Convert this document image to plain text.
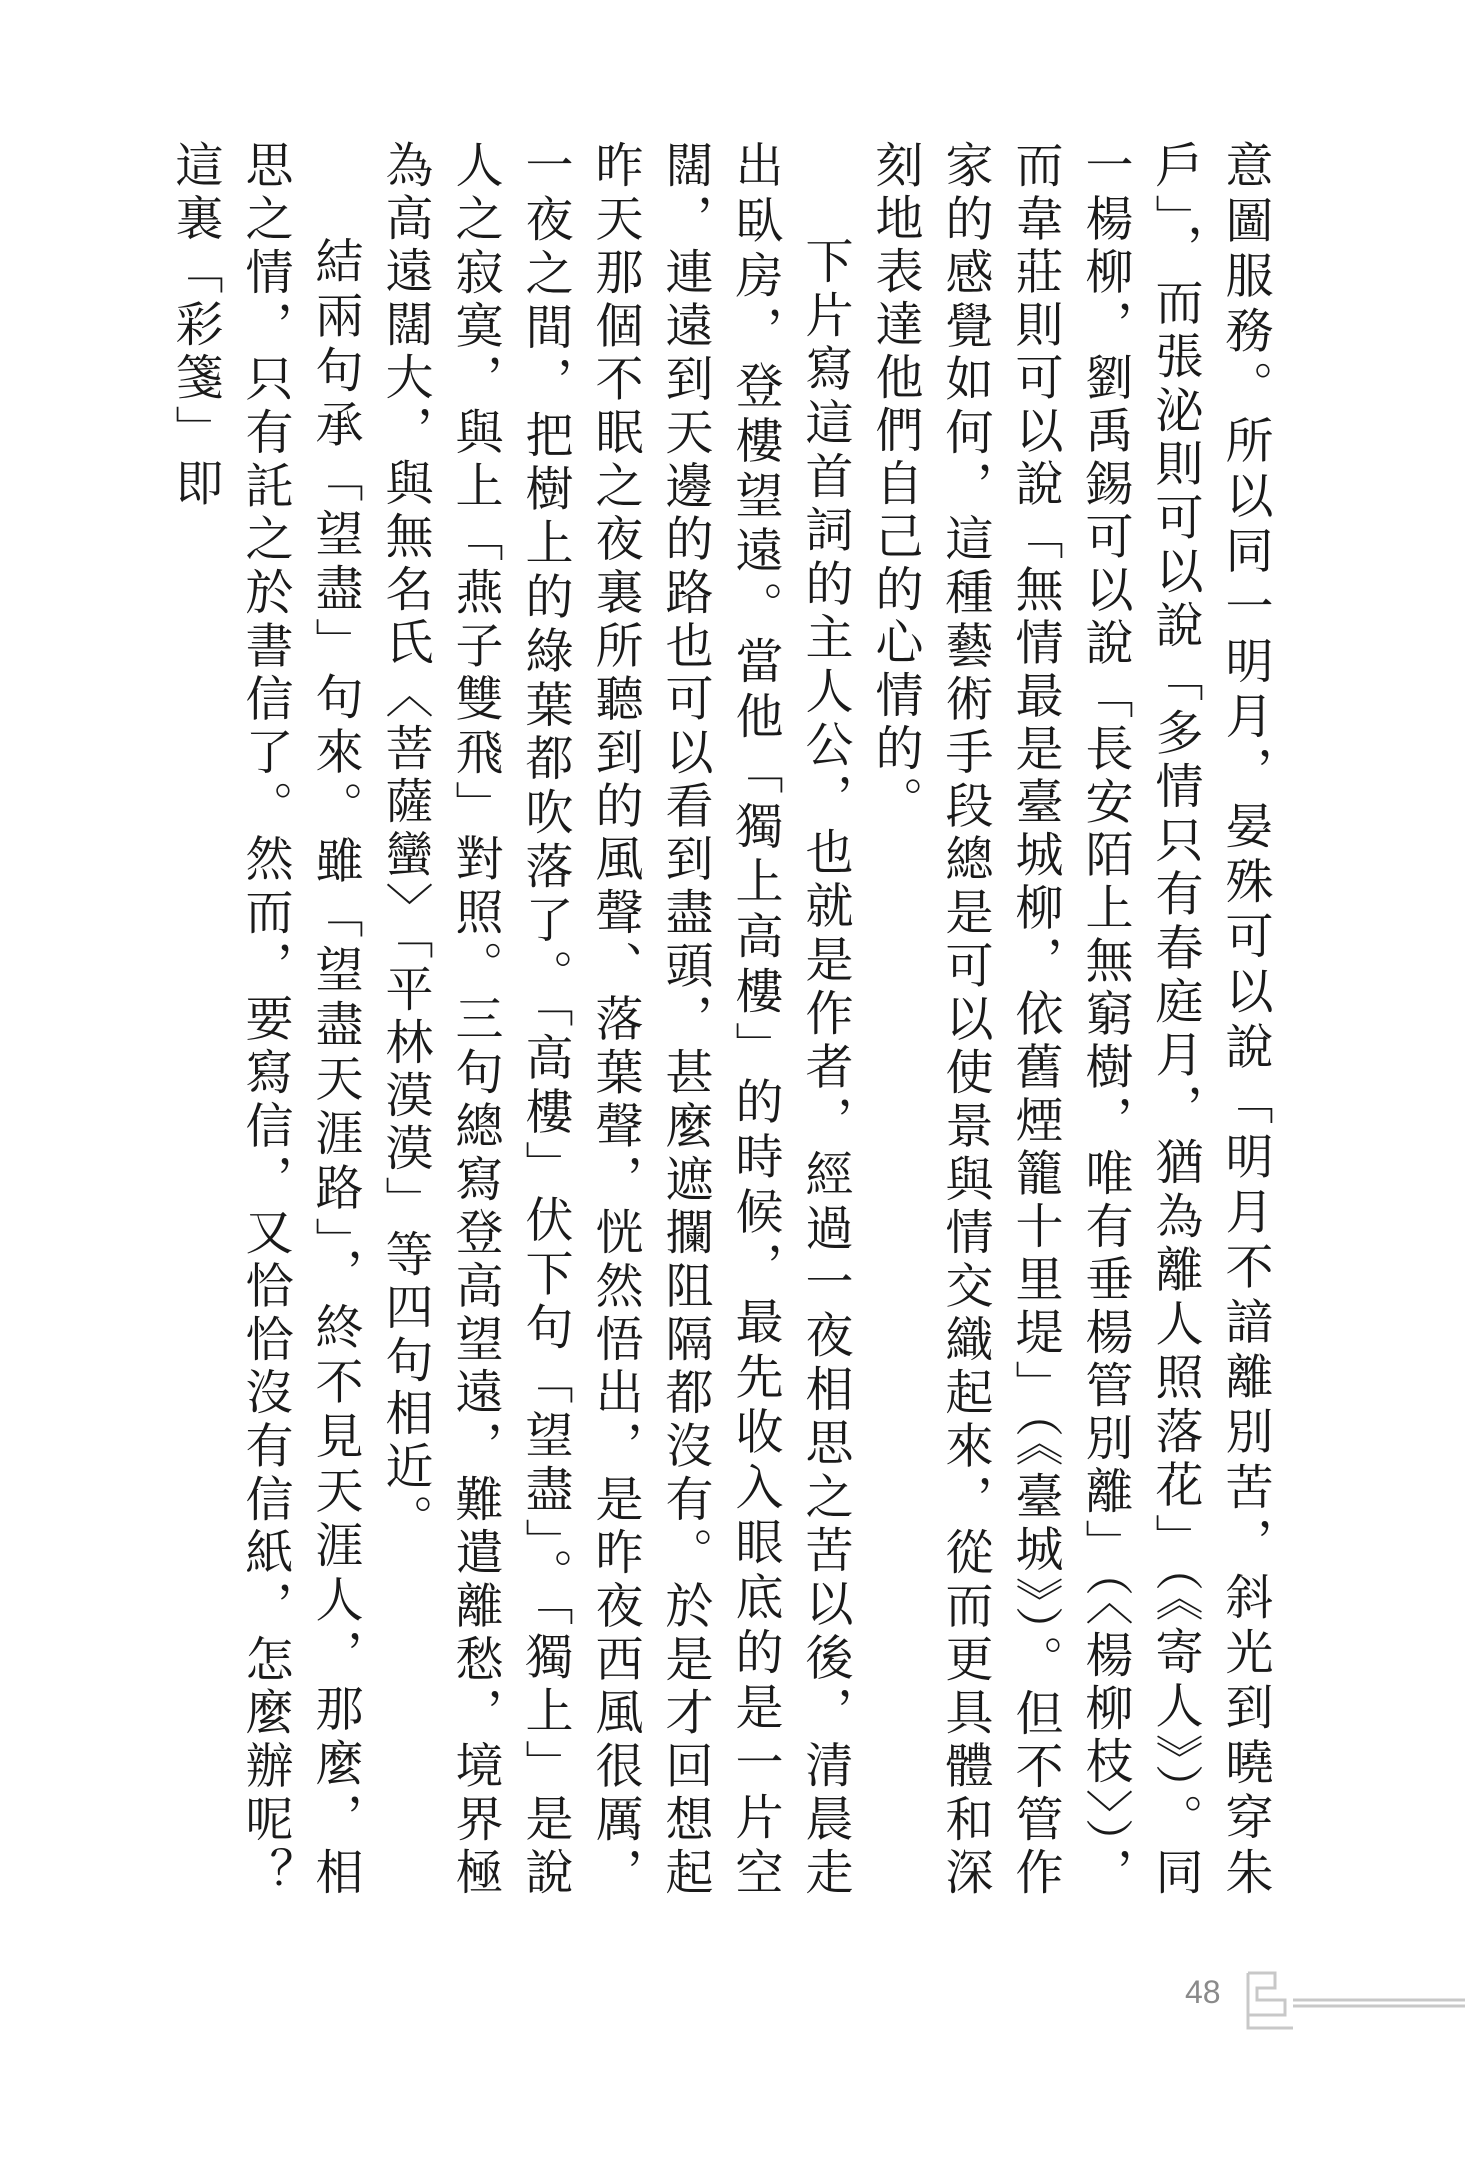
意圖服務。所以同一明月，晏殊可以說「明月不諳離別苦，斜光到曉穿朱戶」，而張泌則可以說「多情只有春庭月，猶為離人照落花」（《寄人》）。同一楊柳，劉禹錫可以說「長安陌上無窮樹，唯有垂楊管別離」（〈楊柳枝〉），而韋莊則可以說「無情最是臺城柳，依舊煙籠十里堤」（《臺城》）。但不管作家的感覺如何，這種藝術手段總是可以使景與情交織起來，從而更具體和深刻地表達他們自己的心情的。

下片寫這首詞的主人公，也就是作者，經過一夜相思之苦以後，清晨走出臥房，登樓望遠。當他「獨上高樓」的時候，最先收入眼底的是一片空闊，連遠到天邊的路也可以看到盡頭，甚麼遮攔阻隔都沒有。於是才回想起昨天那個不眠之夜裏所聽到的風聲、落葉聲，恍然悟出，是昨夜西風很厲，一夜之間，把樹上的綠葉都吹落了。「高樓」伏下句「望盡」。「獨上」是說人之寂寞，與上「燕子雙飛」對照。三句總寫登高望遠，難遣離愁，境界極為高遠闊大，與無名氏〈菩薩蠻〉「平林漠漠」等四句相近。

結兩句承「望盡」句來。雖「望盡天涯路」，終不見天涯人，那麼，相思之情，只有託之於書信了。然而，要寫信，又恰恰沒有信紙，怎麼辦呢？這裏「彩箋」即

48
